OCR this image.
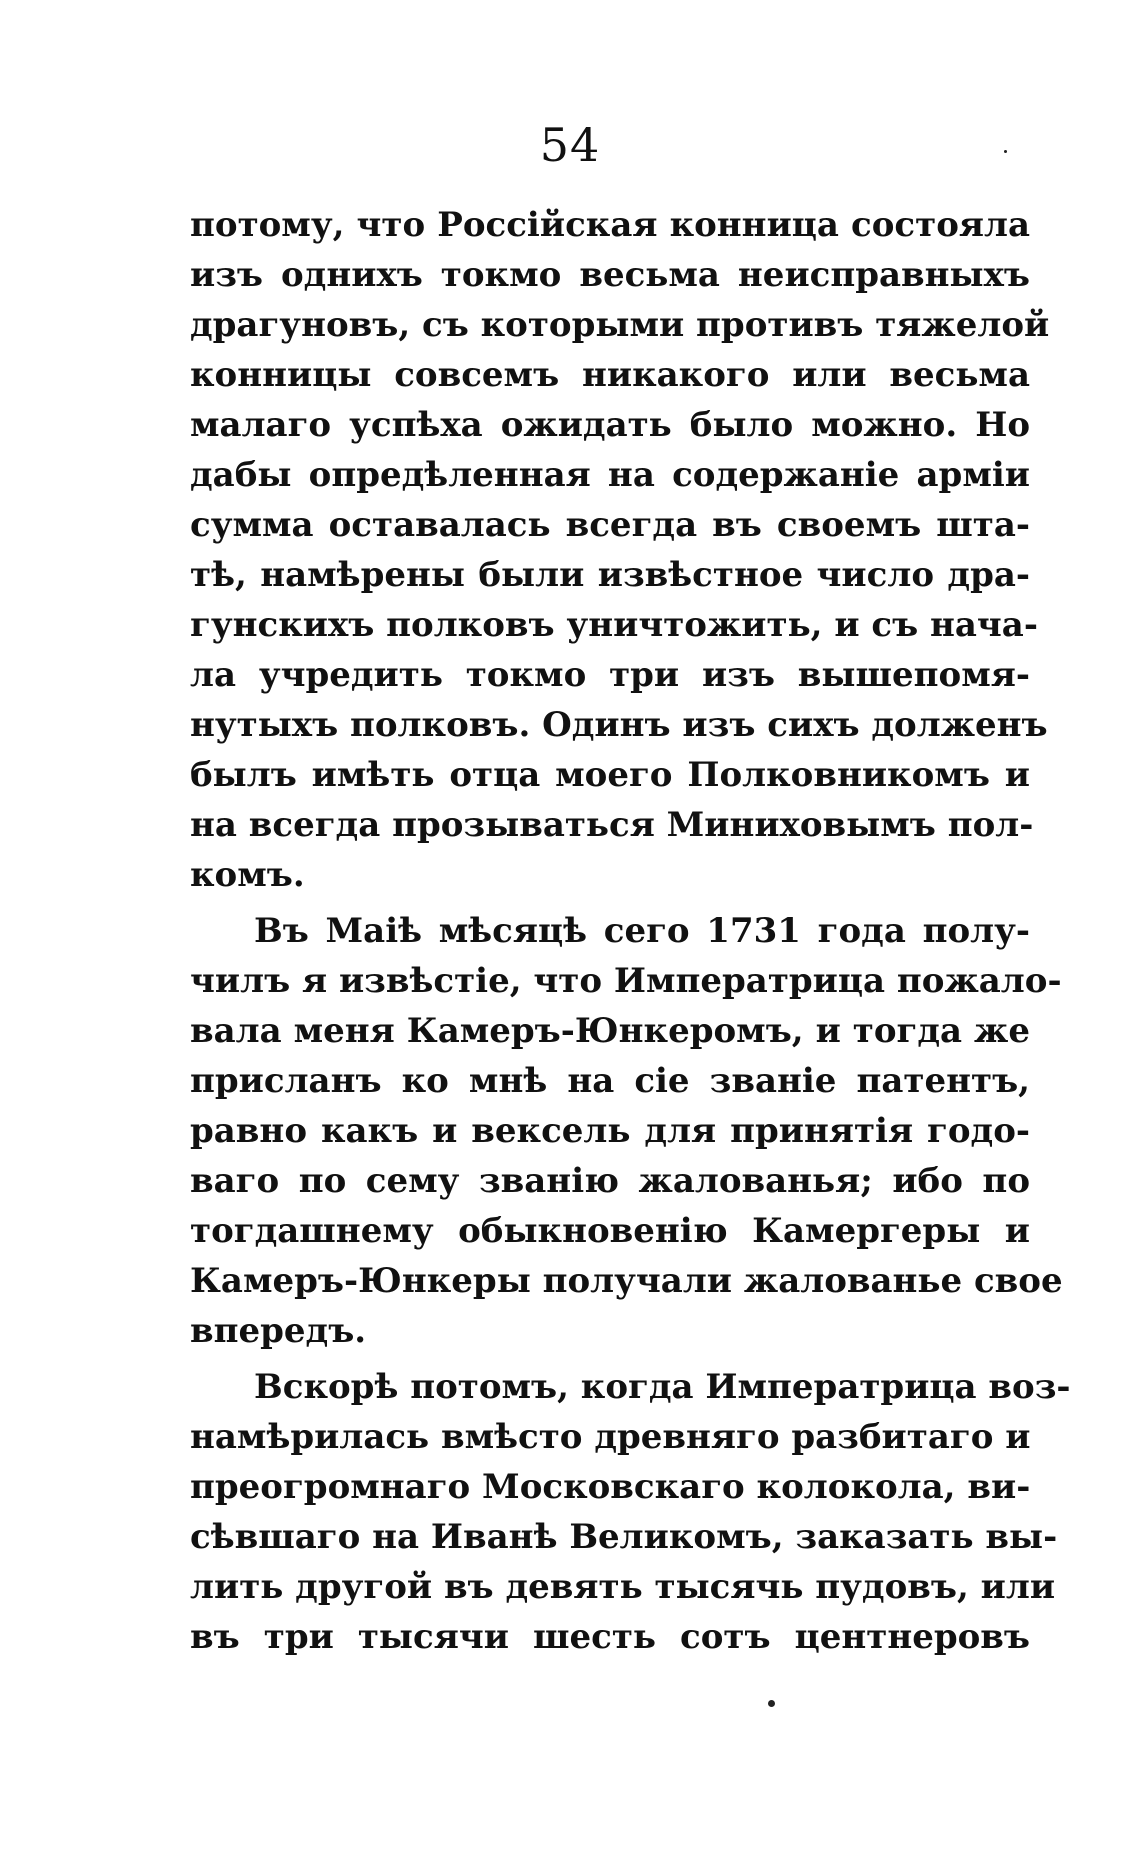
54
потому, что Россійская конница состояла
изъ однихъ токмо весьма неисправныхъ
драгуновъ, съ которыми противъ тяжелой
конницы совсемъ никакого или весьма
малаго успѣха ожидать было можно. Но
дабы опредѣленная на содержаніе арміи
сумма оставалась всегда въ своемъ шта-
тѣ, намѣрены были извѣстное число дра-
гунскихъ полковъ уничтожить, и съ нача-
ла учредить токмо три изъ вышепомя-
нутыхъ полковъ. Одинъ изъ сихъ долженъ
былъ имѣть отца моего Полковникомъ и
на всегда прозываться Миниховымъ пол-
комъ.
Въ Маіѣ мѣсяцѣ сего 1731 года полу-
чилъ я извѣстіе, что Императрица пожало-
вала меня Камеръ-Юнкеромъ, и тогда же
присланъ ко мнѣ на сіе званіе патентъ,
равно какъ и вексель для принятія годо-
ваго по сему званію жалованья; ибо по
тогдашнему обыкновенію Камергеры и
Камеръ-Юнкеры получали жалованье свое
впередъ.
Вскорѣ потомъ, когда Императрица воз-
намѣрилась вмѣсто древняго разбитаго и
преогромнаго Московскаго колокола, ви-
сѣвшаго на Иванѣ Великомъ, заказать вы-
лить другой въ девять тысячь пудовъ, или
въ три тысячи шесть сотъ центнеровъ
